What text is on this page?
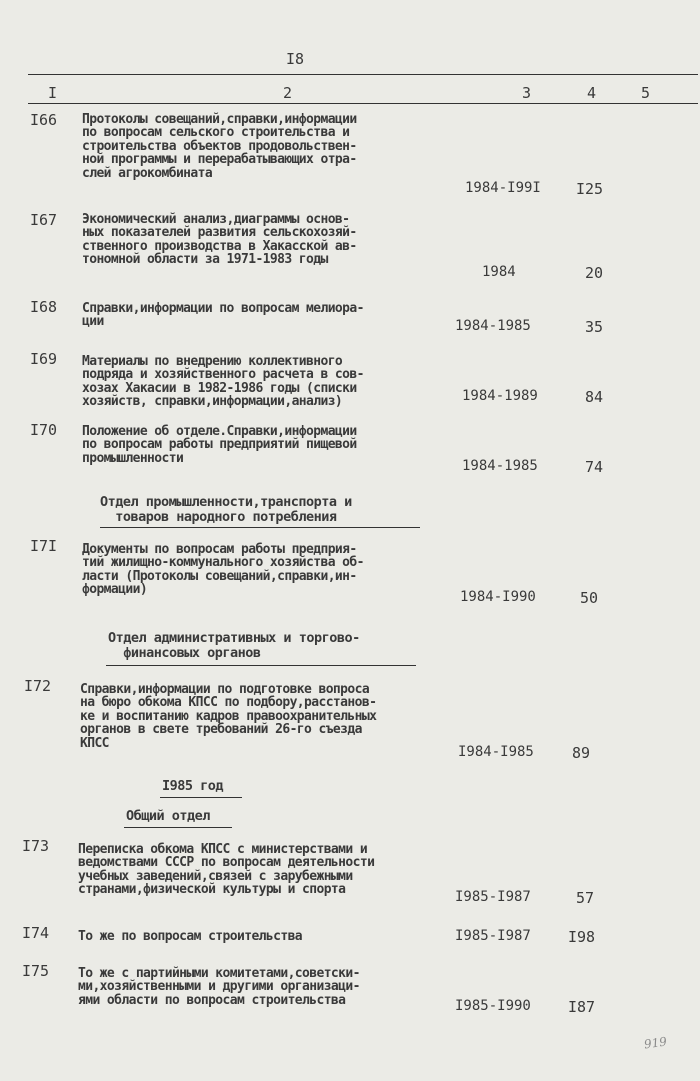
I8
I	2	3	4	5
I66 Протоколы совещаний,справки,информации
по вопросам сельского строительства и
строительства объектов продовольствен-
ной программы и перерабатывающих отра-
слей агрокомбината
1984-I99I I25
I67 Экономический анализ,диаграммы основ-
ных показателей развития сельскохозяй-
ственного производства в Хакасской ав-
тономной области за 1971-1983 годы
1984	20
I68 Справки,информации по вопросам мелиора-
ции	1984-1985	35
I69 Материалы по внедрению коллективного
подряда и хозяйственного расчета в сов-
хозах Хакасии в 1982-1986 годы (списки
хозяйств, справки,информации,анализ)	1984-1989	84
I70 Положение об отделе.Справки,информации
по вопросам работы предприятий пищевой
промышленности	1984-1985	74
Отдел промышленности,транспорта и
товаров народного потребления
I7I Документы по вопросам работы предприя-
тий жилищно-коммунального хозяйства об-
ласти (Протоколы совещаний,справки,ин-
формации)	1984-I990	50
Отдел административных и торгово-
финансовых органов
I72 Справки,информации по подготовке вопроса
на бюро обкома КПСС по подбору,расстанов-
ке и воспитанию кадров правоохранительных
органов в свете требований 26-го съезда
КПСС
I984-I985	89
I985 год
Общий отдел
I73 Переписка обкома КПСС с министерствами и
ведомствами СССР по вопросам деятельности
учебных заведений,связей с зарубежными
странами,физической культуры и спорта	I985-I987	57
I74 То же по вопросам строительства	I985-I987 I98
I75 То же с партийными комитетами,советски-
ми,хозяйственными и другими организаци-
ями области по вопросам строительства	I985-I990 I87
919
